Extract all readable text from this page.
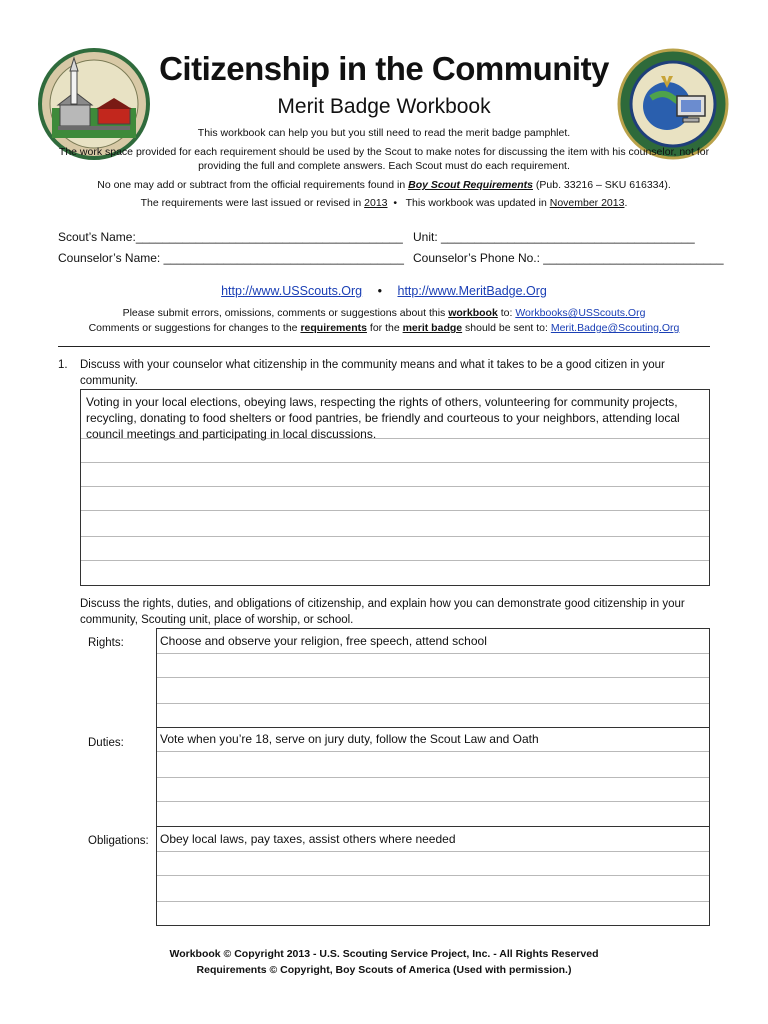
Citizenship in the Community
Merit Badge Workbook
This workbook can help you but you still need to read the merit badge pamphlet.
The work space provided for each requirement should be used by the Scout to make notes for discussing the item with his counselor, not for
providing the full and complete answers. Each Scout must do each requirement.
No one may add or subtract from the official requirements found in Boy Scout Requirements (Pub. 33216 – SKU 616334).
The requirements were last issued or revised in 2013  •   This workbook was updated in November 2013.
Scout’s Name:________________________________________ Unit: ______________________________________
Counselor’s Name: ____________________________________ Counselor’s Phone No.: ___________________________
http://www.USScouts.Org • http://www.MeritBadge.Org
Please submit errors, omissions, comments or suggestions about this workbook to: Workbooks@USScouts.Org
Comments or suggestions for changes to the requirements for the merit badge should be sent to: Merit.Badge@Scouting.Org
1. Discuss with your counselor what citizenship in the community means and what it takes to be a good citizen in your
community.
Voting in your local elections, obeying laws, respecting the rights of others, volunteering for community projects,
recycling, donating to food shelters or food pantries, be friendly and courteous to your neighbors, attending local
council meetings and participating in local discussions.
Discuss the rights, duties, and obligations of citizenship, and explain how you can demonstrate good citizenship in your
community, Scouting unit, place of worship, or school.
Rights:	Choose and observe your religion, free speech, attend school
Vote when you’re 18, serve on jury duty, follow the Scout Law and Oath
Obey local laws, pay taxes, assist others where needed
Duties:
Obligations:
Workbook © Copyright 2013 - U.S. Scouting Service Project, Inc. - All Rights Reserved
Requirements © Copyright, Boy Scouts of America (Used with permission.)
